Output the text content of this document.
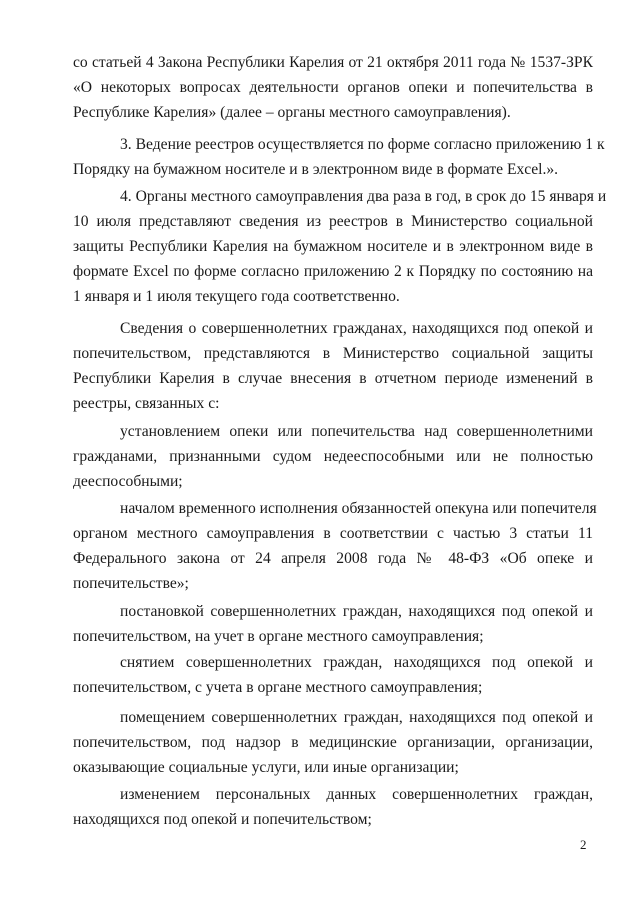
со статьей 4 Закона Республики Карелия от 21 октября 2011 года № 1537-ЗРК
«О некоторых вопросах деятельности органов опеки и попечительства в
Республике Карелия» (далее – органы местного самоуправления).
3. Ведение реестров осуществляется по форме согласно приложению 1 к
Порядку на бумажном носителе и в электронном виде в формате Excel.».
4. Органы местного самоуправления два раза в год, в срок до 15 января и
10 июля представляют сведения из реестров в Министерство социальной
защиты Республики Карелия на бумажном носителе и в электронном виде в
формате Excel по форме согласно приложению 2 к Порядку по состоянию на
1 января и 1 июля текущего года соответственно.
Сведения о совершеннолетних гражданах, находящихся под опекой и
попечительством, представляются в Министерство социальной защиты
Республики Карелия в случае внесения в отчетном периоде изменений в
реестры, связанных с:
установлением опеки или попечительства над совершеннолетними
гражданами, признанными судом недееспособными или не полностью
дееспособными;
началом временного исполнения обязанностей опекуна или попечителя
органом местного самоуправления в соответствии с частью 3 статьи 11
Федерального закона от 24 апреля 2008 года № 48-ФЗ «Об опеке и
попечительстве»;
постановкой совершеннолетних граждан, находящихся под опекой и
попечительством, на учет в органе местного самоуправления;
снятием совершеннолетних граждан, находящихся под опекой и
попечительством, с учета в органе местного самоуправления;
помещением совершеннолетних граждан, находящихся под опекой и
попечительством, под надзор в медицинские организации, организации,
оказывающие социальные услуги, или иные организации;
изменением персональных данных совершеннолетних граждан,
находящихся под опекой и попечительством;
2
